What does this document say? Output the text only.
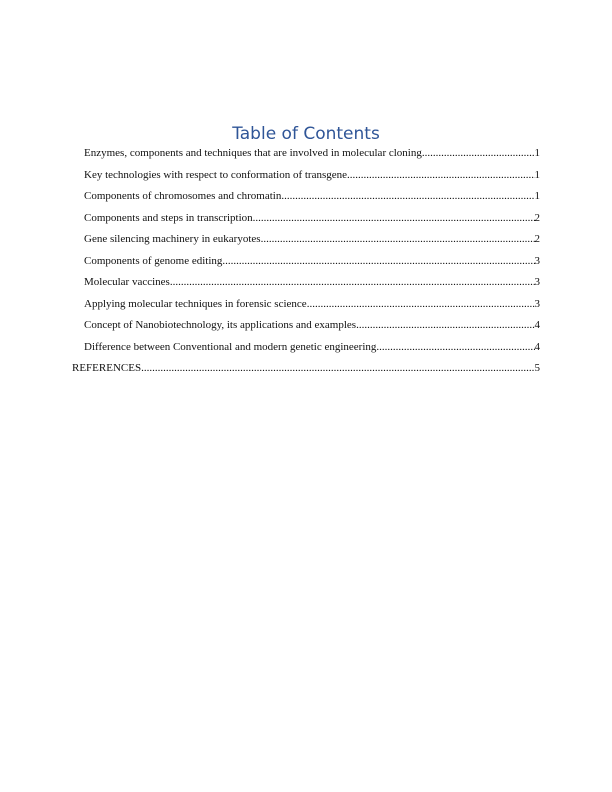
Table of Contents
Enzymes, components and techniques that are involved in molecular cloning .....	1
Key technologies with respect to conformation of transgene .....	1
Components of chromosomes and chromatin .....	1
Components and steps in transcription .....	2
Gene silencing machinery in eukaryotes .....	2
Components of genome editing .....	3
Molecular vaccines .....	3
Applying molecular techniques in forensic science .....	3
Concept of Nanobiotechnology, its applications and examples .....	4
Difference between Conventional and modern genetic engineering .....	4
REFERENCES .....	5
